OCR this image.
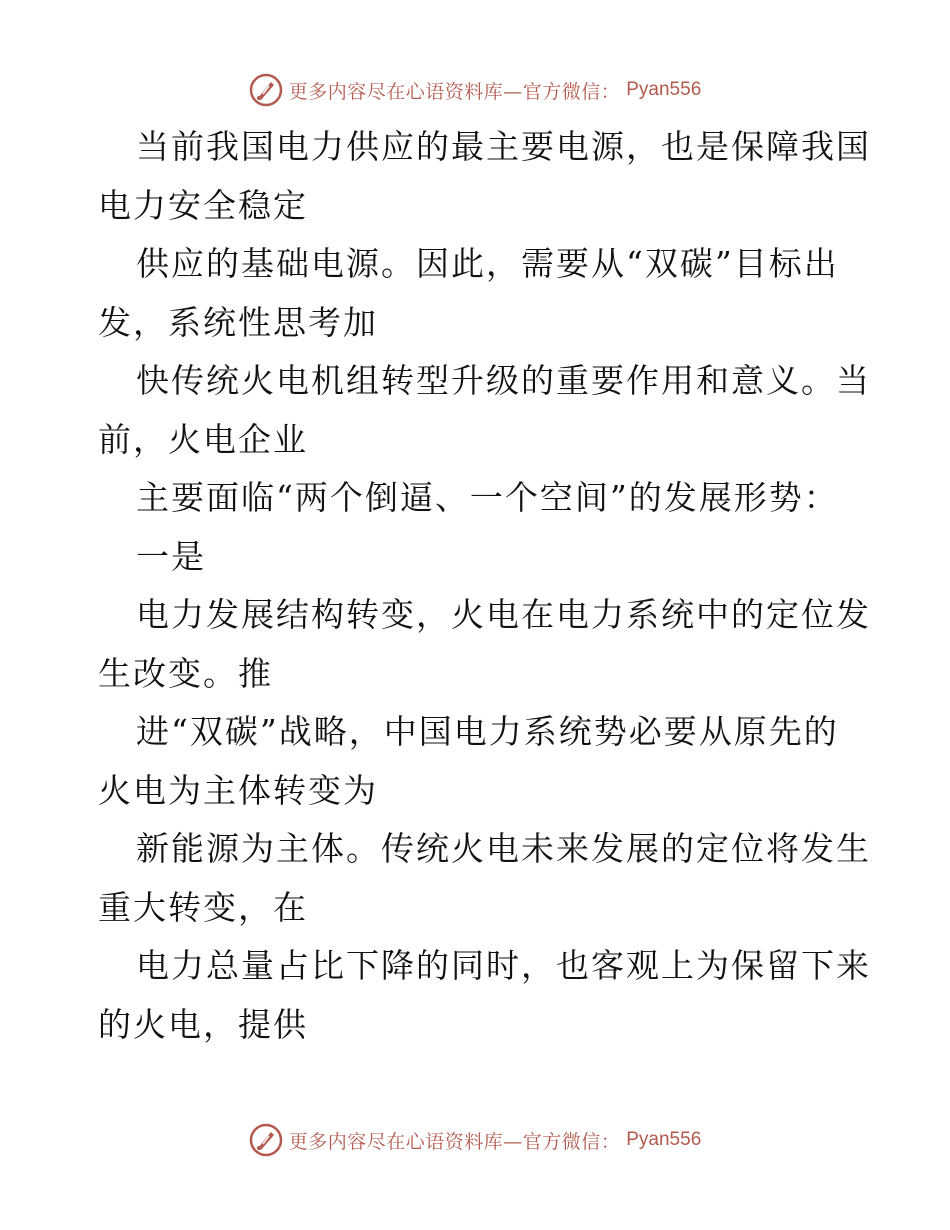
更多内容尽在心语资料库—官方微信： Pyan556
当前我国电力供应的最主要电源，也是保障我国
电力安全稳定
供应的基础电源。因此，需要从“双碳”目标出
发，系统性思考加
快传统火电机组转型升级的重要作用和意义。当
前，火电企业
主要面临“两个倒逼、一个空间”的发展形势：
一是
电力发展结构转变，火电在电力系统中的定位发
生改变。推
进“双碳”战略，中国电力系统势必要从原先的
火电为主体转变为
新能源为主体。传统火电未来发展的定位将发生
重大转变，在
电力总量占比下降的同时，也客观上为保留下来
的火电，提供
更多内容尽在心语资料库—官方微信： Pyan556
